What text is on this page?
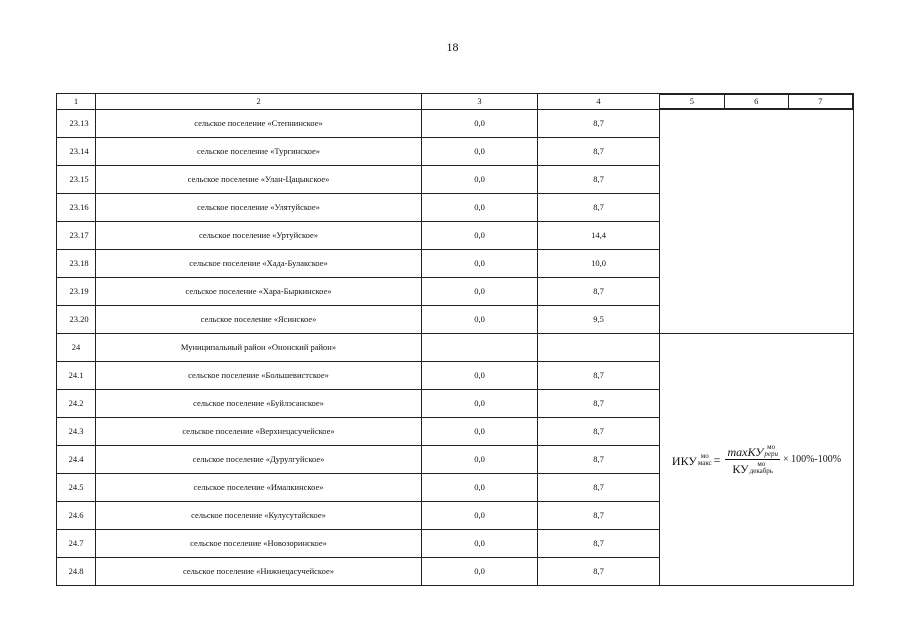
18
1	2	3	4		5	6	7

23.13	сельское поселение «Степнинское»	0,0	8,7	
23.14	сельское поселение «Тургинское»	0,0	8,7
23.15	сельское поселение «Улан-Цацыкское»	0,0	8,7
23.16	сельское поселение «Улятуйское»	0,0	8,7
23.17	сельское поселение «Уртуйское»	0,0	14,4
23.18	сельское поселение «Хада-Булакское»	0,0	10,0
23.19	сельское поселение «Хара-Быркинское»	0,0	8,7
23.20	сельское поселение «Ясинское»	0,0	9,5
24	Муниципальный район «Ононский район»			
ИКУ мо
макс = maxКУ мо
pери
КУ	мо
декабрь × 100%-100%

24.1	сельское поселение «Большевистское»	0,0	8,7
24.2	сельское поселение «Буйлэсанское»	0,0	8,7
24.3	сельское поселение «Верхнецасучейское»	0,0	8,7
24.4	сельское поселение «Дурулгуйское»	0,0	8,7
24.5	сельское поселение «Ималкинское»	0,0	8,7
24.6	сельское поселение «Кулусутайское»	0,0	8,7
24.7	сельское поселение «Новозоринское»	0,0	8,7
24.8	сельское поселение «Нижнецасучейское»	0,0	8,7
